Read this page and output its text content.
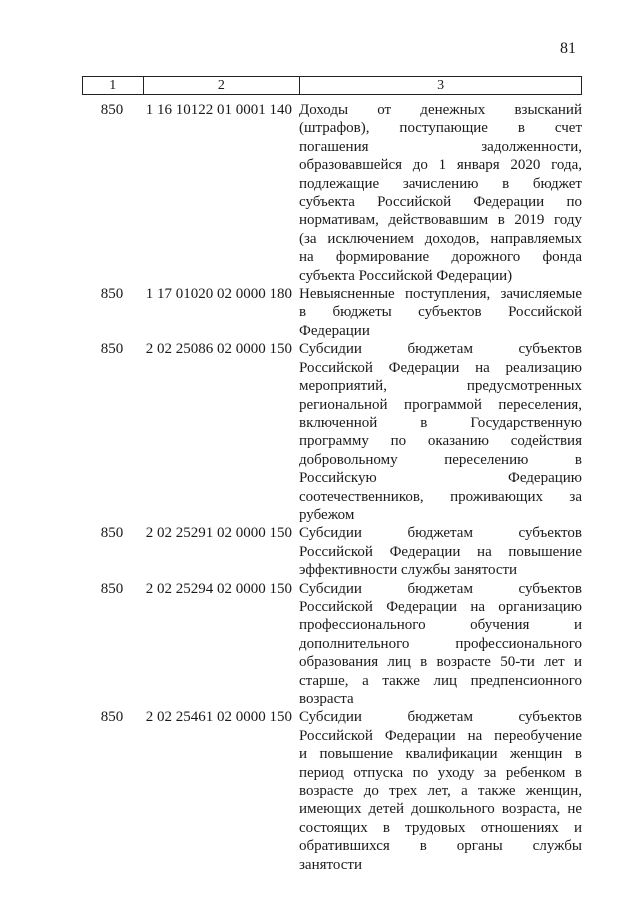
81
1	2	3
850	1 16 10122 01 0001 140 Доходы от денежных взысканий
(штрафов), поступающие в счет
погашения задолженности,
образовавшейся до 1 января 2020 года,
подлежащие зачислению в бюджет
субъекта Российской Федерации по
нормативам, действовавшим в 2019 году
(за исключением доходов, направляемых
на формирование дорожного фонда
субъекта Российской Федерации)
850	1 17 01020 02 0000 180 Невыясненные поступления, зачисляемые
в бюджеты субъектов Российской
Федерации
850	2 02 25086 02 0000 150 Субсидии бюджетам субъектов
Российской Федерации на реализацию
мероприятий, предусмотренных
региональной программой переселения,
включенной в Государственную
программу по оказанию содействия
добровольному переселению в
Российскую Федерацию
соотечественников, проживающих за
рубежом
850	2 02 25291 02 0000 150 Субсидии бюджетам субъектов
Российской Федерации на повышение
эффективности службы занятости
850	2 02 25294 02 0000 150 Субсидии бюджетам субъектов
Российской Федерации на организацию
профессионального обучения и
дополнительного профессионального
образования лиц в возрасте 50-ти лет и
старше, а также лиц предпенсионного
возраста
850	2 02 25461 02 0000 150 Субсидии бюджетам субъектов
Российской Федерации на переобучение
и повышение квалификации женщин в
период отпуска по уходу за ребенком в
возрасте до трех лет, а также женщин,
имеющих детей дошкольного возраста, не
состоящих в трудовых отношениях и
обратившихся в органы службы
занятости
